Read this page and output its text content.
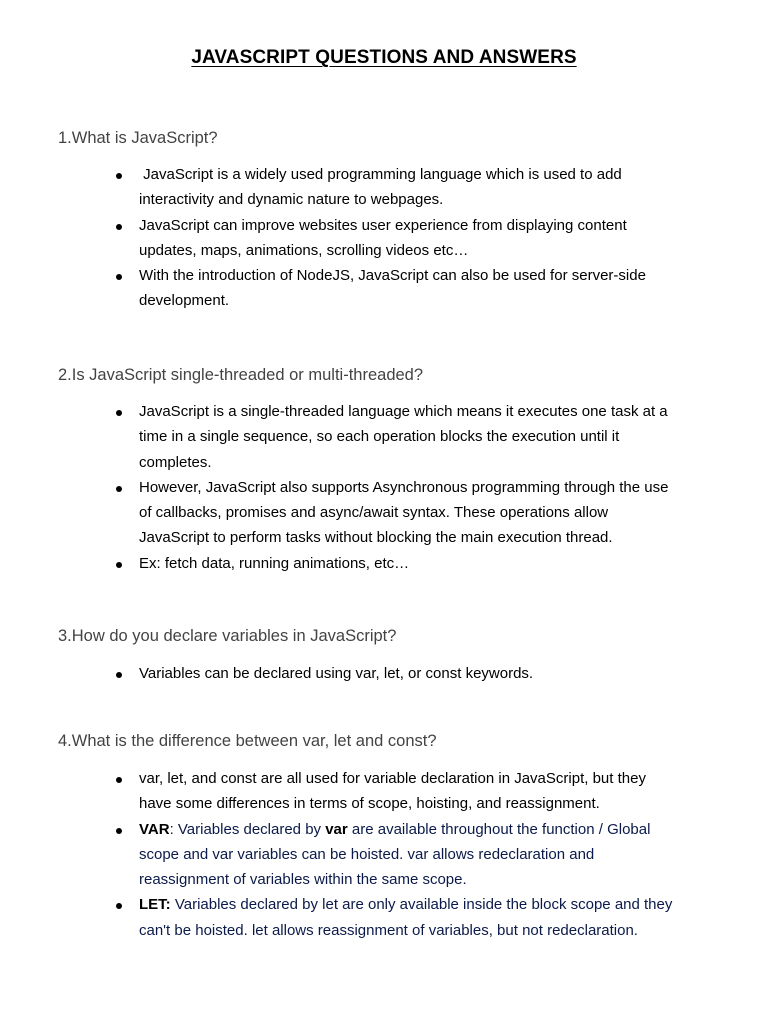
JAVASCRIPT QUESTIONS AND ANSWERS
1.What is JavaScript?
JavaScript is a widely used programming language which is used to add interactivity and dynamic nature to webpages.
JavaScript can improve websites user experience from displaying content updates, maps, animations, scrolling videos etc…
With the introduction of NodeJS, JavaScript can also be used for server-side development.
2.Is JavaScript single-threaded or multi-threaded?
JavaScript is a single-threaded language which means it executes one task at a time in a single sequence, so each operation blocks the execution until it completes.
However, JavaScript also supports Asynchronous programming through the use of callbacks, promises and async/await syntax. These operations allow JavaScript to perform tasks without blocking the main execution thread.
Ex: fetch data, running animations, etc…
3.How do you declare variables in JavaScript?
Variables can be declared using var, let, or const keywords.
4.What is the difference between var, let and const?
var, let, and const are all used for variable declaration in JavaScript, but they have some differences in terms of scope, hoisting, and reassignment.
VAR: Variables declared by var are available throughout the function / Global scope and var variables can be hoisted. var allows redeclaration and reassignment of variables within the same scope.
LET: Variables declared by let are only available inside the block scope and they can't be hoisted. let allows reassignment of variables, but not redeclaration.
